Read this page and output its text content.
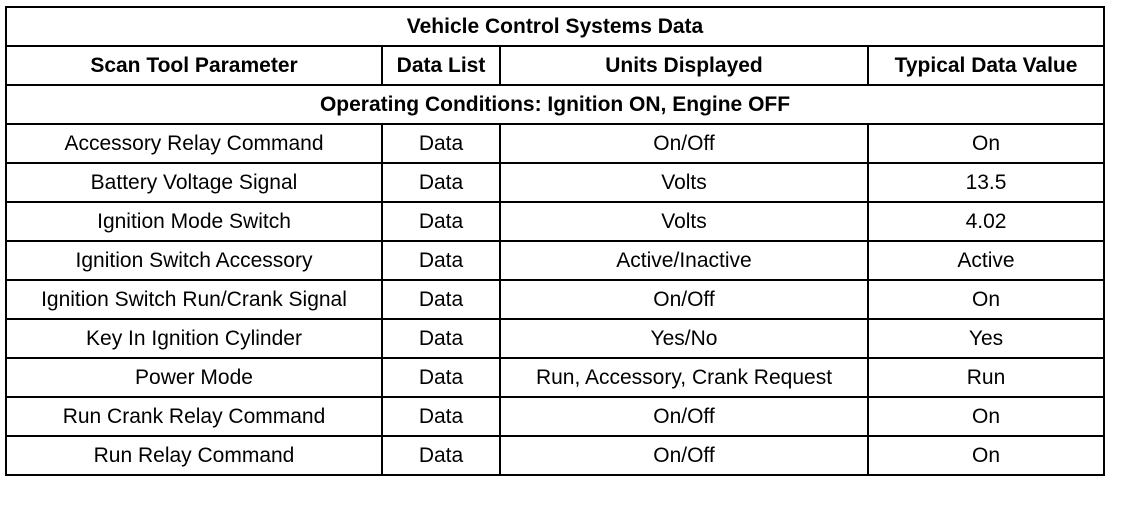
Vehicle Control Systems Data			
Scan Tool Parameter	Data List	Units Displayed	Typical Data Value
Operating Conditions: Ignition ON, Engine OFF			
Accessory Relay Command	Data	On/Off	On
Battery Voltage Signal	Data	Volts	13.5
Ignition Mode Switch	Data	Volts	4.02
Ignition Switch Accessory	Data	Active/Inactive	Active
Ignition Switch Run/Crank Signal	Data	On/Off	On
Key In Ignition Cylinder	Data	Yes/No	Yes
Power Mode	Data	Run, Accessory, Crank Request	Run
Run Crank Relay Command	Data	On/Off	On
Run Relay Command	Data	On/Off	On
